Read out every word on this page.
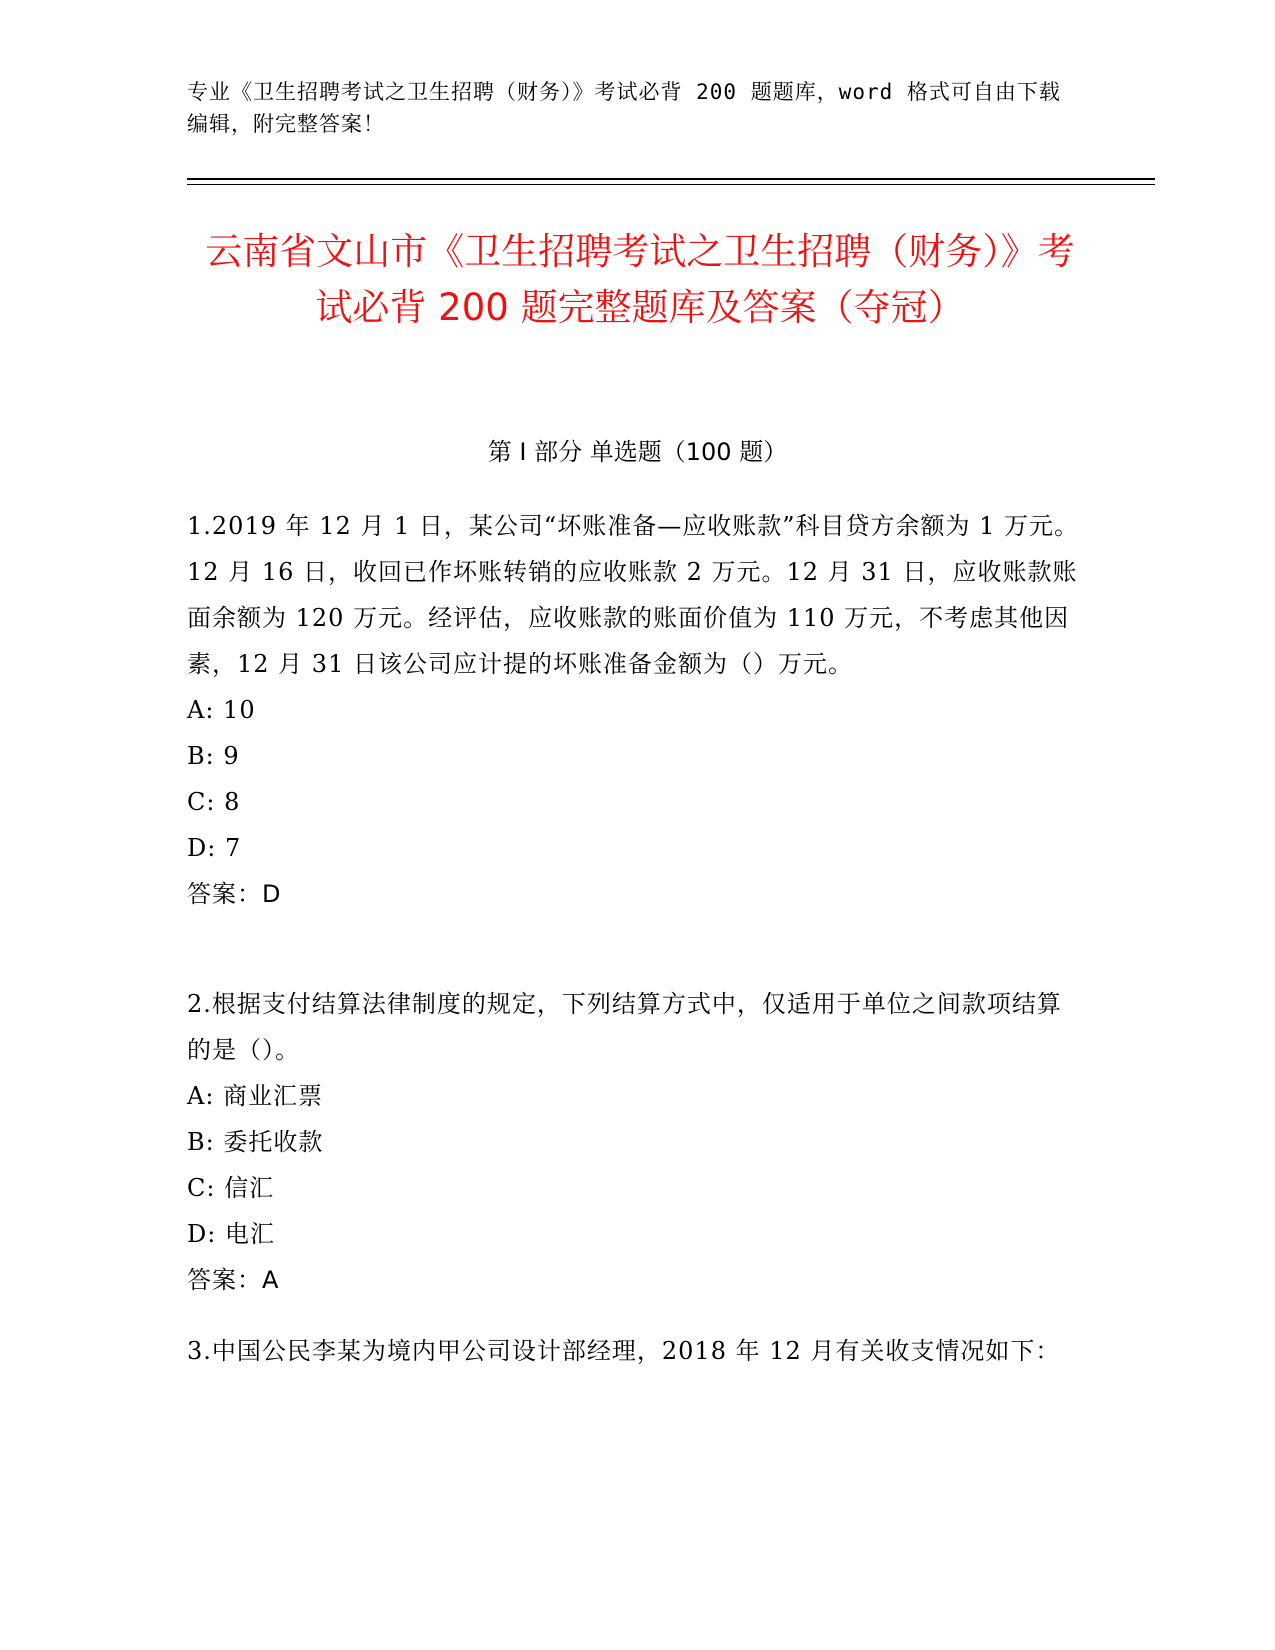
专业《卫生招聘考试之卫生招聘（财务）》考试必背 200 题题库，word 格式可自由下载编辑，附完整答案！
云南省文山市《卫生招聘考试之卫生招聘（财务）》考试必背 200 题完整题库及答案（夺冠）
第 I 部分 单选题（100 题）

1.2019 年 12 月 1 日，某公司“坏账准备—应收账款”科目贷方余额为 1 万元。12 月 16 日，收回已作坏账转销的应收账款 2 万元。12 月 31 日，应收账款账面余额为 120 万元。经评估，应收账款的账面价值为 110 万元，不考虑其他因素，12 月 31 日该公司应计提的坏账准备金额为（）万元。

A: 10

B: 9

C: 8

D: 7

答案：D

2.根据支付结算法律制度的规定，下列结算方式中，仅适用于单位之间款项结算的是（）。

A: 商业汇票

B: 委托收款

C: 信汇

D: 电汇

答案：A

3.中国公民李某为境内甲公司设计部经理，2018 年 12 月有关收支情况如下：
